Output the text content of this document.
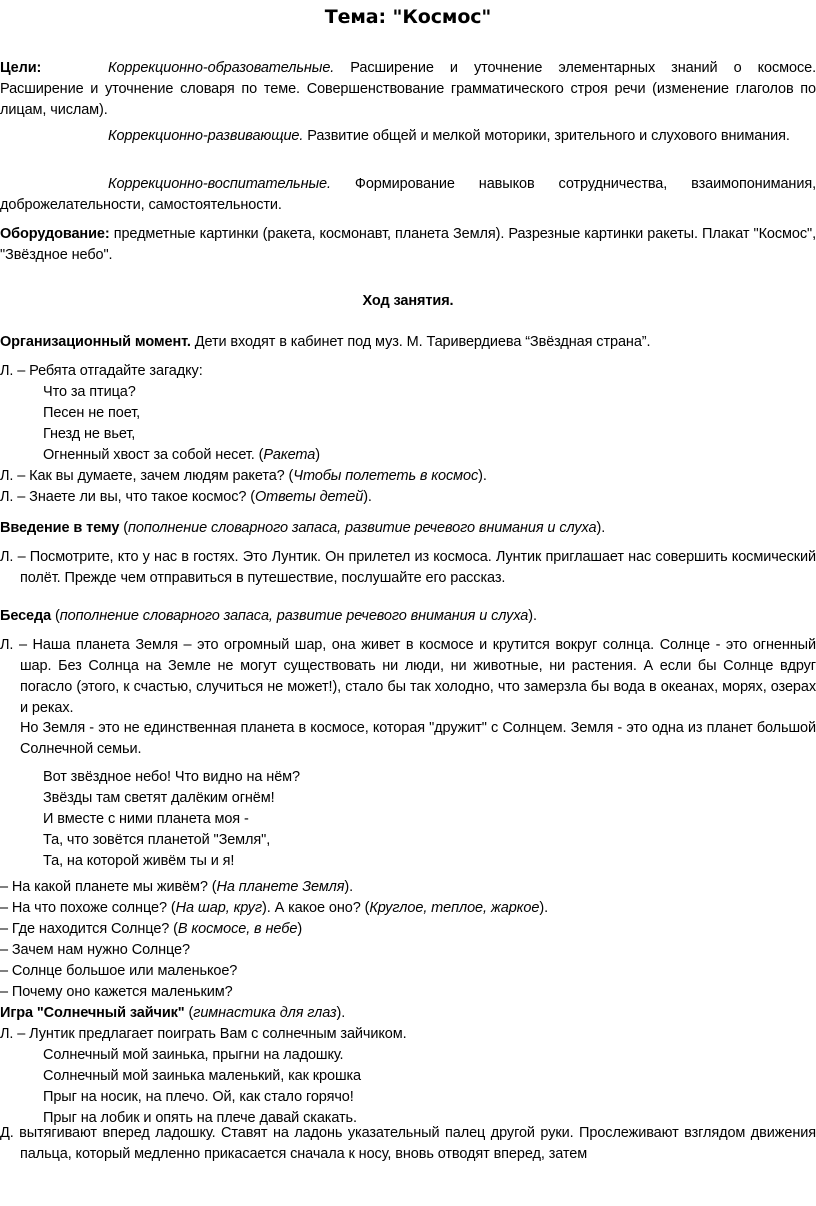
Тема: "Космос"
Цели:	Коррекционно-образовательные. Расширение и уточнение элементарных знаний о космосе. Расширение и уточнение словаря по теме. Совершенствование грамматического строя речи (изменение глаголов по лицам, числам).
Коррекционно-развивающие. Развитие общей и мелкой моторики, зрительного и слухового внимания.
Коррекционно-воспитательные. Формирование навыков сотрудничества, взаимопонимания, доброжелательности, самостоятельности.
Оборудование: предметные картинки (ракета, космонавт, планета Земля). Разрезные картинки ракеты. Плакат "Космос", "Звёздное небо".
Ход занятия.
Организационный момент. Дети входят в кабинет под муз. М. Таривердиева “Звёздная страна”.
Л. – Ребята отгадайте загадку:
Что за птица?
Песен не поет,
Гнезд не вьет,
Огненный хвост за собой несет. (Ракета)
Л. – Как вы думаете, зачем людям ракета? (Чтобы полететь в космос).
Л. – Знаете ли вы, что такое космос? (Ответы детей).
Введение в тему (пополнение словарного запаса, развитие речевого внимания и слуха).
Л. – Посмотрите, кто у нас в гостях. Это Лунтик. Он прилетел из космоса. Лунтик приглашает нас совершить космический полёт. Прежде чем отправиться в путешествие, послушайте его рассказ.
Беседа (пополнение словарного запаса, развитие речевого внимания и слуха).
Л. – Наша планета Земля – это огромный шар, она живет в космосе и крутится вокруг солнца. Солнце - это огненный шар. Без Солнца на Земле не могут существовать ни люди, ни животные, ни растения. А если бы Солнце вдруг погасло (этого, к счастью, случиться не может!), стало бы так холодно, что замерзла бы вода в океанах, морях, озерах и реках.
Но Земля - это не единственная планета в космосе, которая "дружит" с Солнцем. Земля - это одна из планет большой Солнечной семьи.
Вот звёздное небо! Что видно на нём?
Звёзды там светят далёким огнём!
И вместе с ними планета моя -
Та, что зовётся планетой "Земля",
Та, на которой живём ты и я!
– На какой планете мы живём? (На планете Земля).
– На что похоже солнце? (На шар, круг). А какое оно? (Круглое, теплое, жаркое).
– Где находится Солнце? (В космосе, в небе)
– Зачем нам нужно Солнце?
– Солнце большое или маленькое?
– Почему оно кажется маленьким?
Игра "Солнечный зайчик" (гимнастика для глаз).
Л. – Лунтик предлагает поиграть Вам с солнечным зайчиком.
Солнечный мой заинька, прыгни на ладошку.
Солнечный мой заинька маленький, как крошка
Прыг на носик, на плечо. Ой, как стало горячо!
Прыг на лобик и опять на плече давай скакать.
Д. вытягивают вперед ладошку. Ставят на ладонь указательный палец другой руки. Прослеживают взглядом движения пальца, который медленно прикасается сначала к носу, вновь отводят вперед, затем
